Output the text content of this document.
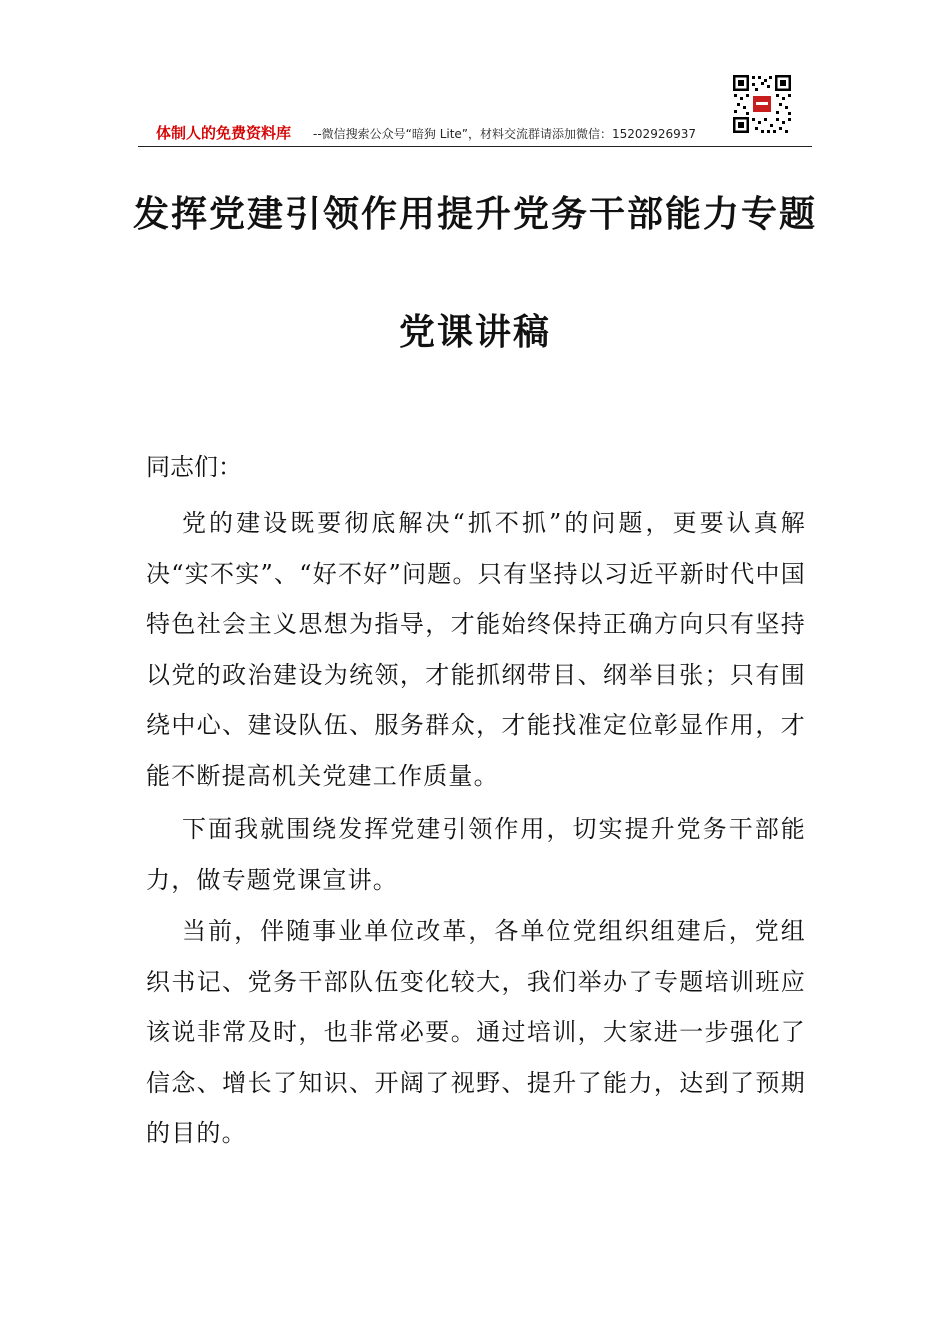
体制人的免费资料库 --微信搜索公众号“暗狗 Lite”，材料交流群请添加微信：15202926937
发挥党建引领作用提升党务干部能力专题
党课讲稿
同志们：

党的建设既要彻底解决“抓不抓”的问题，更要认真解决“实不实”、“好不好”问题。只有坚持以习近平新时代中国特色社会主义思想为指导，才能始终保持正确方向只有坚持以党的政治建设为统领，才能抓纲带目、纲举目张；只有围绕中心、建设队伍、服务群众，才能找准定位彰显作用，才能不断提高机关党建工作质量。

下面我就围绕发挥党建引领作用，切实提升党务干部能力，做专题党课宣讲。

当前，伴随事业单位改革，各单位党组织组建后，党组织书记、党务干部队伍变化较大，我们举办了专题培训班应该说非常及时，也非常必要。通过培训，大家进一步强化了信念、增长了知识、开阔了视野、提升了能力，达到了预期的目的。
